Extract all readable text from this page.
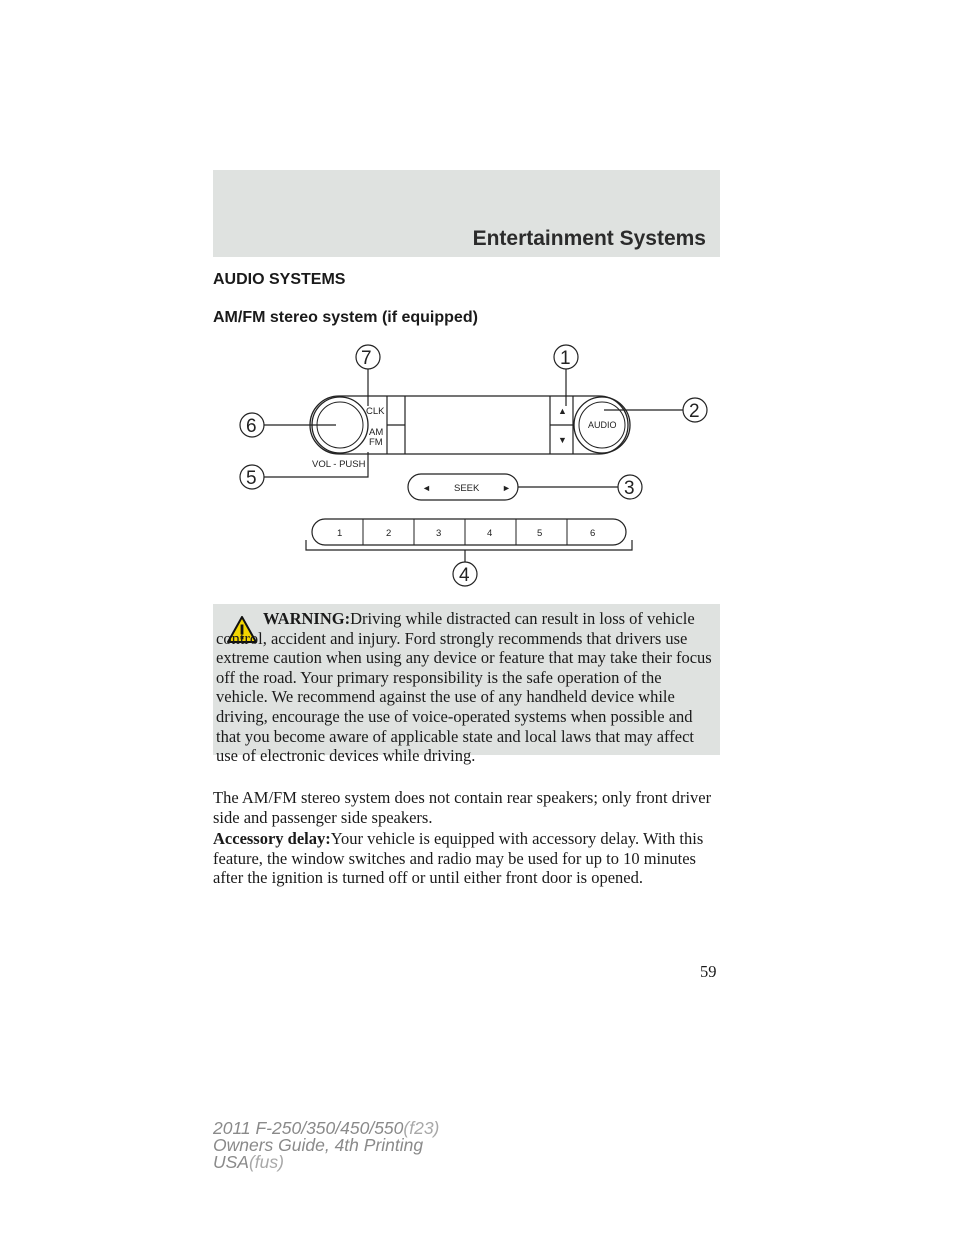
Entertainment Systems
AUDIO SYSTEMS
AM/FM stereo system (if equipped)
CLK
AM
FM
VOL - PUSH
AUDIO
▲
▼
◄ SEEK	►
1	2	3	4	5	6
7	1
2
6
5	3
4
WARNING:Driving while distracted can result in loss of vehicle control, accident and injury. Ford strongly recommends that drivers use extreme caution when using any device or feature that may take their focus off the road. Your primary responsibility is the safe operation of the vehicle. We recommend against the use of any handheld device while driving, encourage the use of voice-operated systems when possible and that you become aware of applicable state and local laws that may affect use of electronic devices while driving.

The AM/FM stereo system does not contain rear speakers; only front driver side and passenger side speakers.

Accessory delay:Your vehicle is equipped with accessory delay. With this feature, the window switches and radio may be used for up to 10 minutes after the ignition is turned off or until either front door is opened.

59
2011 F-250/350/450/550(f23)
Owners Guide, 4th Printing
USA(fus)
